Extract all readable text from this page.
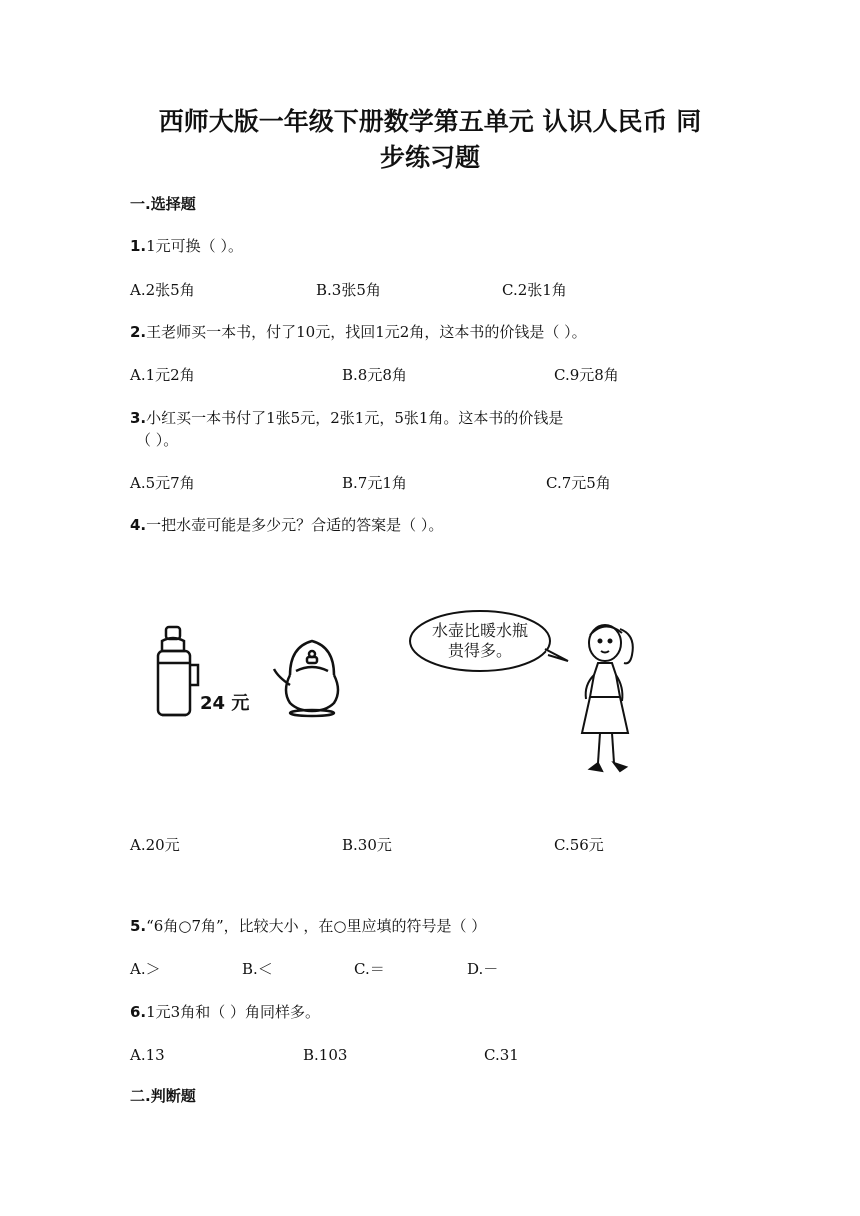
西师大版一年级下册数学第五单元 认识人民币 同
步练习题
一.选择题
1.1元可换（ ）。
A.2张5角	B.3张5角	C.2张1角
2.王老师买一本书，付了10元，找回1元2角，这本书的价钱是（ ）。
A.1元2角	B.8元8角	C.9元8角
3.小红买一本书付了1张5元，2张1元，5张1角。这本书的价钱是
（ ）。
A.5元7角	B.7元1角	C.7元5角
4.一把水壶可能是多少元？合适的答案是（ ）。
24 元
水壶比暖水瓶
贵得多。
A.20元	B.30元	C.56元
5.“6角○7角”，比较大小 ，在○里应填的符号是（ ）
A.＞	B.＜	C.＝	D.－
6.1元3角和（ ）角同样多。
A.13	B.103	C.31
二.判断题
